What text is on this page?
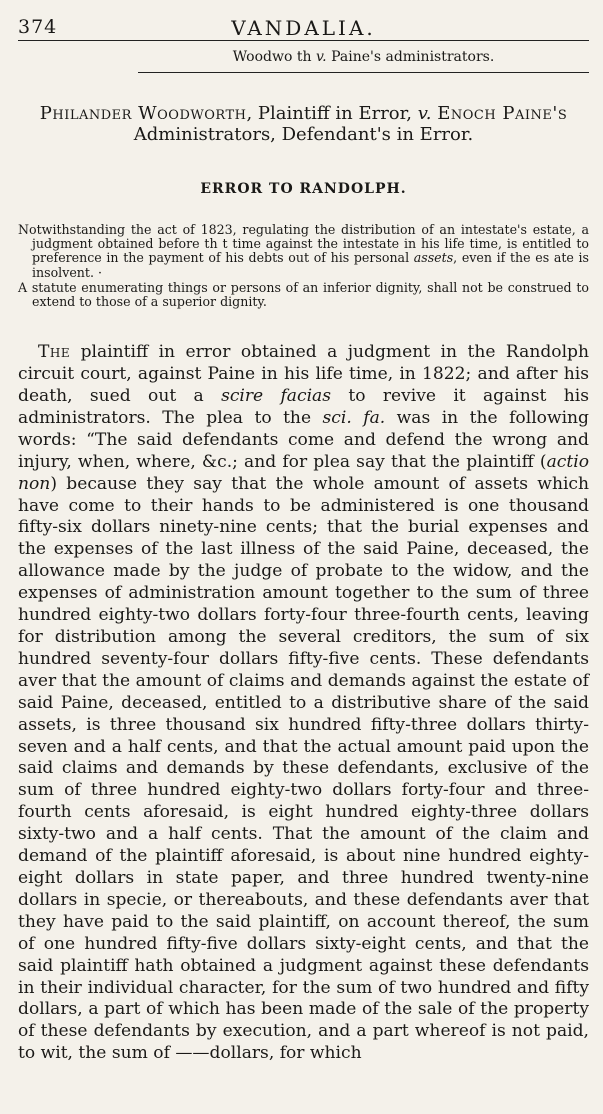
374	VANDALIA.
Woodwo th v. Paine's administrators.
Philander Woodworth, Plaintiff in Error, v. Enoch Paine's
Administrators, Defendant's in Error.
ERROR TO RANDOLPH.

Notwithstanding the act of 1823, regulating the distribution of an intestate's estate, a judgment obtained before th t time against the intestate in his life time, is entitled to preference in the payment of his debts out of his personal assets, even if the es ate is insolvent. ·

A statute enumerating things or persons of an inferior dignity, shall not be construed to extend to those of a superior dignity.

The plaintiff in error obtained a judgment in the Randolph circuit court, against Paine in his life time, in 1822; and after his death, sued out a scire facias to revive it against his administrators. The plea to the sci. fa. was in the following words: “The said defendants come and defend the wrong and injury, when, where, &c.; and for plea say that the plaintiff (actio non) because they say that the whole amount of assets which have come to their hands to be administered is one thousand fifty-six dollars ninety-nine cents; that the burial expenses and the expenses of the last illness of the said Paine, deceased, the allowance made by the judge of probate to the widow, and the expenses of administration amount together to the sum of three hundred eighty-two dollars forty-four three-fourth cents, leaving for distribution among the several creditors, the sum of six hundred seventy-four dollars fifty-five cents. These defendants aver that the amount of claims and demands against the estate of said Paine, deceased, entitled to a distributive share of the said assets, is three thousand six hundred fifty-three dollars thirty-seven and a half cents, and that the actual amount paid upon the said claims and demands by these defendants, exclusive of the sum of three hundred eighty-two dollars forty-four and three-fourth cents aforesaid, is eight hundred eighty-three dollars sixty-two and a half cents. That the amount of the claim and demand of the plaintiff aforesaid, is about nine hundred eighty-eight dollars in state paper, and three hundred twenty-nine dollars in specie, or thereabouts, and these defendants aver that they have paid to the said plaintiff, on account thereof, the sum of one hundred fifty-five dollars sixty-eight cents, and that the said plaintiff hath obtained a judgment against these defendants in their individual character, for the sum of two hundred and fifty dollars, a part of which has been made of the sale of the property of these defendants by execution, and a part whereof is not paid, to wit, the sum of ——dollars, for which
